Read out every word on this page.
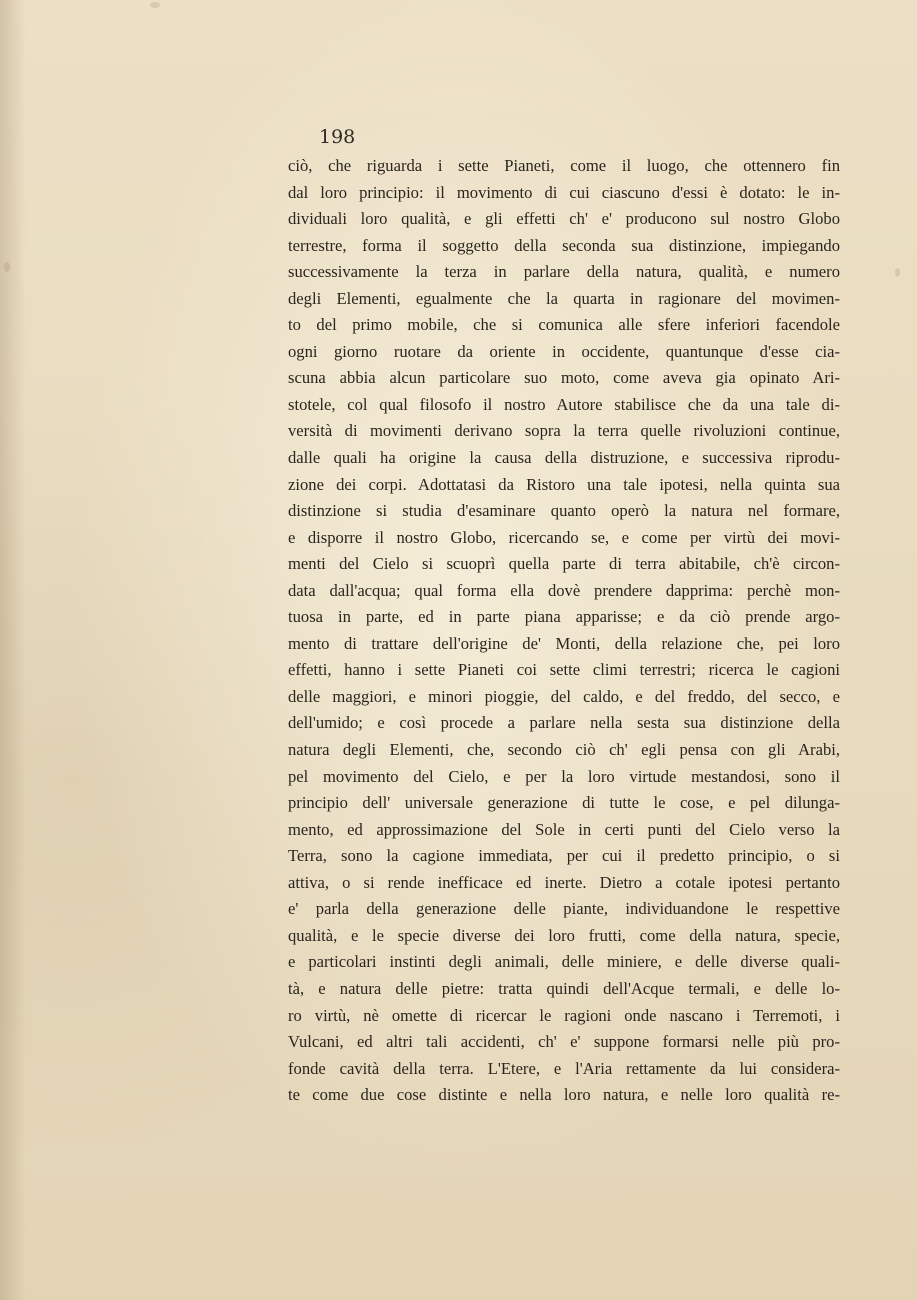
198
ciò, che riguarda i sette Pianeti, come il luogo, che ottennero fin
dal loro principio: il movimento di cui ciascuno d'essi è dotato: le in-
dividuali loro qualità, e gli effetti ch' e' producono sul nostro Globo
terrestre, forma il soggetto della seconda sua distinzione, impiegando
successivamente la terza in parlare della natura, qualità, e numero
degli Elementi, egualmente che la quarta in ragionare del movimen-
to del primo mobile, che si comunica alle sfere inferiori facendole
ogni giorno ruotare da oriente in occidente, quantunque d'esse cia-
scuna abbia alcun particolare suo moto, come aveva gia opinato Ari-
stotele, col qual filosofo il nostro Autore stabilisce che da una tale di-
versità di movimenti derivano sopra la terra quelle rivoluzioni continue,
dalle quali ha origine la causa della distruzione, e successiva riprodu-
zione dei corpi. Adottatasi da Ristoro una tale ipotesi, nella quinta sua
distinzione si studia d'esaminare quanto operò la natura nel formare,
e disporre il nostro Globo, ricercando se, e come per virtù dei movi-
menti del Cielo si scuoprì quella parte di terra abitabile, ch'è circon-
data dall'acqua; qual forma ella dovè prendere dapprima: perchè mon-
tuosa in parte, ed in parte piana apparisse; e da ciò prende argo-
mento di trattare dell'origine de' Monti, della relazione che, pei loro
effetti, hanno i sette Pianeti coi sette climi terrestri; ricerca le cagioni
delle maggiori, e minori pioggie, del caldo, e del freddo, del secco, e
dell'umido; e così procede a parlare nella sesta sua distinzione della
natura degli Elementi, che, secondo ciò ch' egli pensa con gli Arabi,
pel movimento del Cielo, e per la loro virtude mestandosi, sono il
principio dell' universale generazione di tutte le cose, e pel dilunga-
mento, ed approssimazione del Sole in certi punti del Cielo verso la
Terra, sono la cagione immediata, per cui il predetto principio, o si
attiva, o si rende inefficace ed inerte. Dietro a cotale ipotesi pertanto
e' parla della generazione delle piante, individuandone le respettive
qualità, e le specie diverse dei loro frutti, come della natura, specie,
e particolari instinti degli animali, delle miniere, e delle diverse quali-
tà, e natura delle pietre: tratta quindi dell'Acque termali, e delle lo-
ro virtù, nè omette di ricercar le ragioni onde nascano i Terremoti, i
Vulcani, ed altri tali accidenti, ch' e' suppone formarsi nelle più pro-
fonde cavità della terra. L'Etere, e l'Aria rettamente da lui considera-
te come due cose distinte e nella loro natura, e nelle loro qualità re-
